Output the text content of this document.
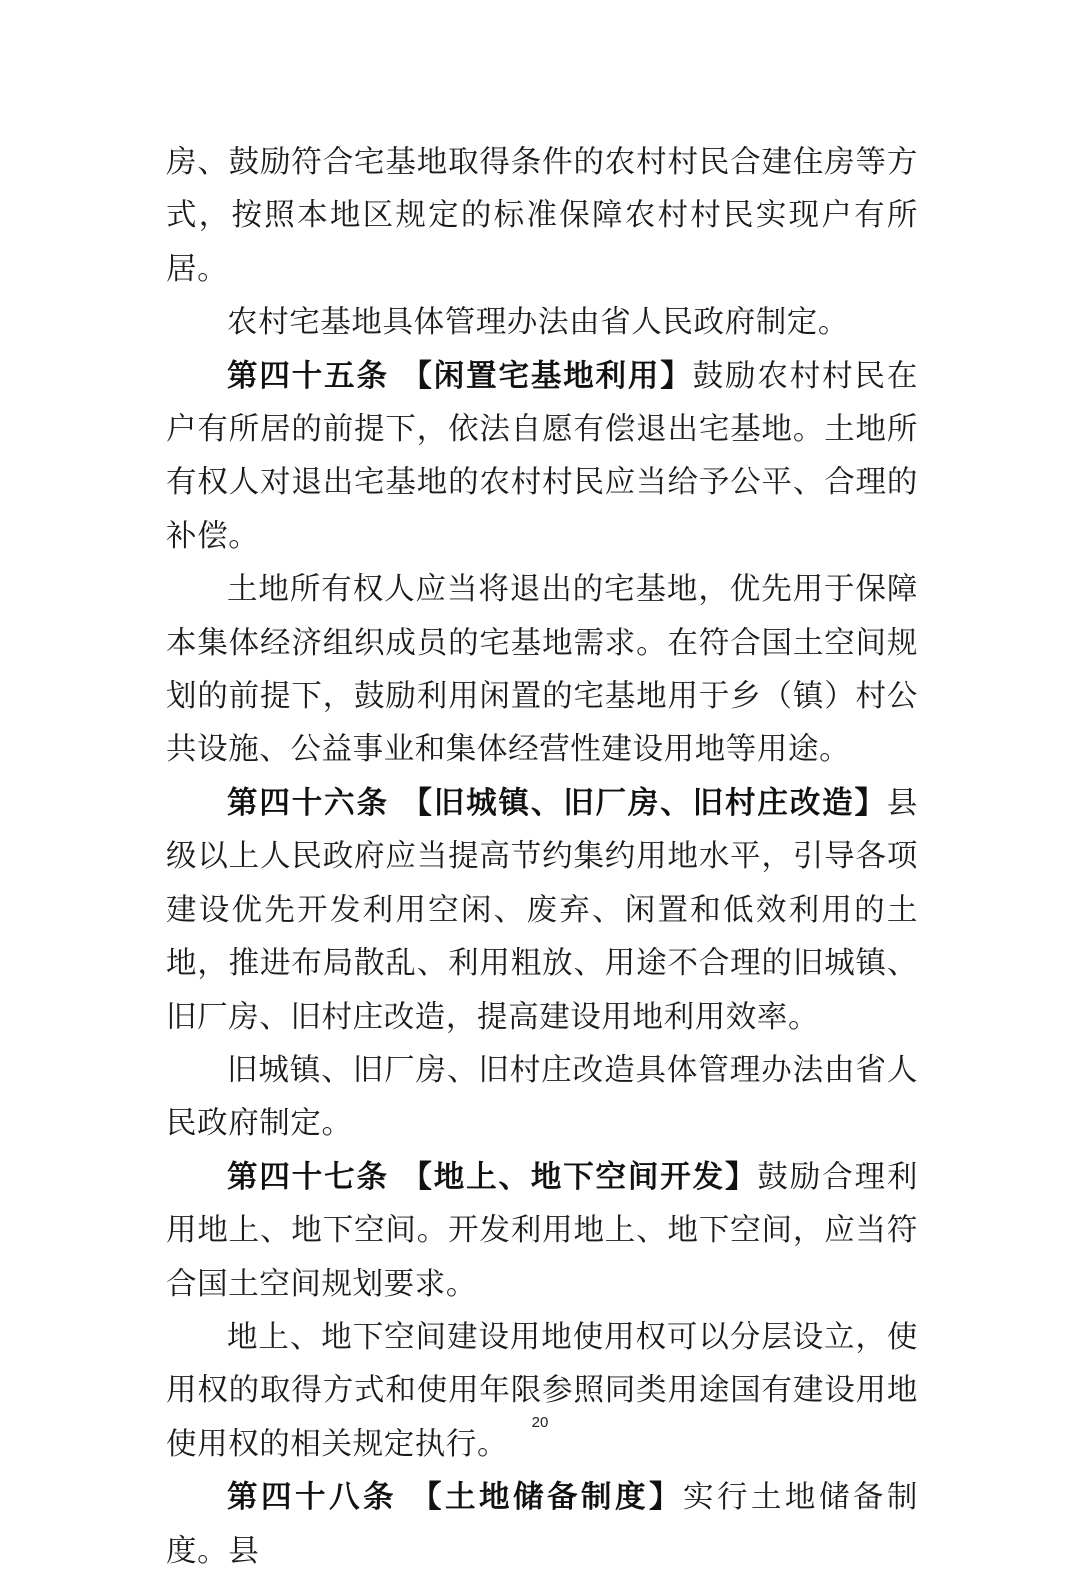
房、鼓励符合宅基地取得条件的农村村民合建住房等方式，按照本地区规定的标准保障农村村民实现户有所居。

农村宅基地具体管理办法由省人民政府制定。

第四十五条 【闲置宅基地利用】鼓励农村村民在户有所居的前提下，依法自愿有偿退出宅基地。土地所有权人对退出宅基地的农村村民应当给予公平、合理的补偿。

土地所有权人应当将退出的宅基地，优先用于保障本集体经济组织成员的宅基地需求。在符合国土空间规划的前提下，鼓励利用闲置的宅基地用于乡（镇）村公共设施、公益事业和集体经营性建设用地等用途。

第四十六条 【旧城镇、旧厂房、旧村庄改造】县级以上人民政府应当提高节约集约用地水平，引导各项建设优先开发利用空闲、废弃、闲置和低效利用的土地，推进布局散乱、利用粗放、用途不合理的旧城镇、旧厂房、旧村庄改造，提高建设用地利用效率。

旧城镇、旧厂房、旧村庄改造具体管理办法由省人民政府制定。

第四十七条 【地上、地下空间开发】鼓励合理利用地上、地下空间。开发利用地上、地下空间，应当符合国土空间规划要求。

地上、地下空间建设用地使用权可以分层设立，使用权的取得方式和使用年限参照同类用途国有建设用地使用权的相关规定执行。

第四十八条 【土地储备制度】实行土地储备制度。县

20
